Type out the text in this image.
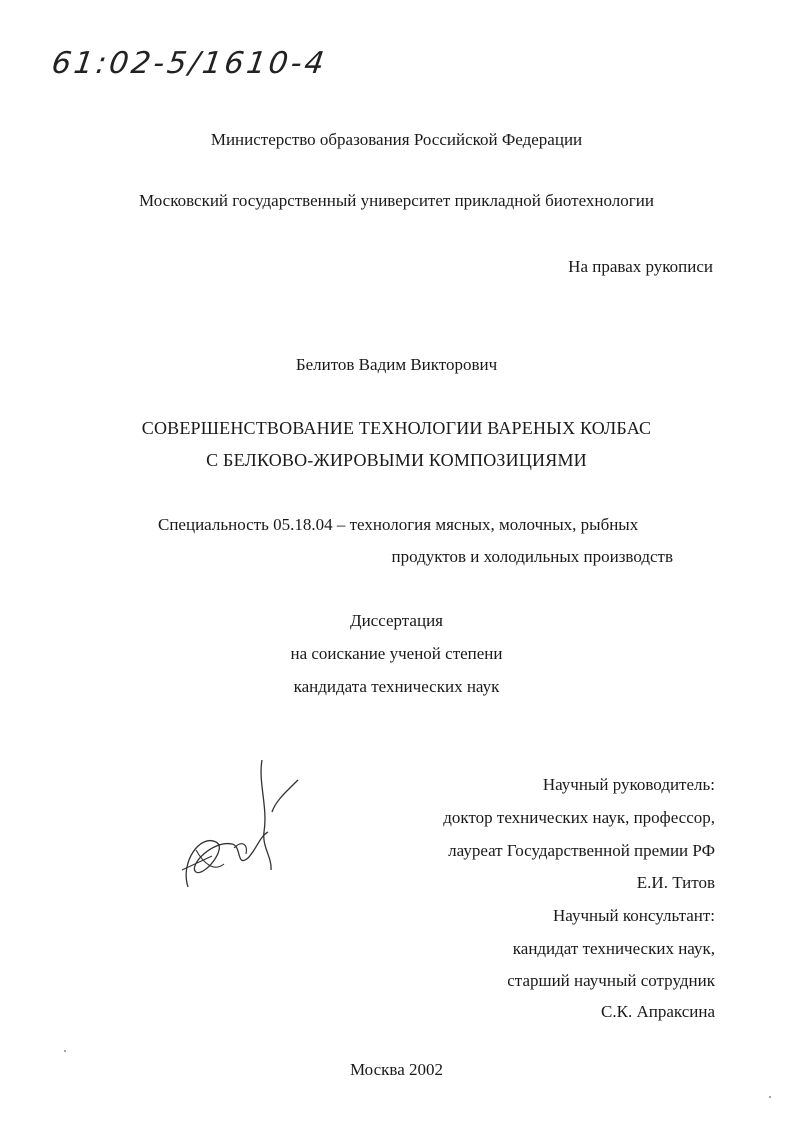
61:02-5/1610-4
Министерство образования Российской Федерации
Московский государственный университет прикладной биотехнологии
На правах рукописи
Белитов Вадим Викторович
СОВЕРШЕНСТВОВАНИЕ ТЕХНОЛОГИИ ВАРЕНЫХ КОЛБАС
С БЕЛКОВО-ЖИРОВЫМИ КОМПОЗИЦИЯМИ
Специальность 05.18.04 – технология мясных, молочных, рыбных
продуктов и холодильных производств
Диссертация
на соискание ученой степени
кандидата технических наук
Научный руководитель:
доктор технических наук, профессор,
лауреат Государственной премии РФ
Е.И. Титов
Научный консультант:
кандидат технических наук,
старший научный сотрудник
С.К. Апраксина
Москва 2002
